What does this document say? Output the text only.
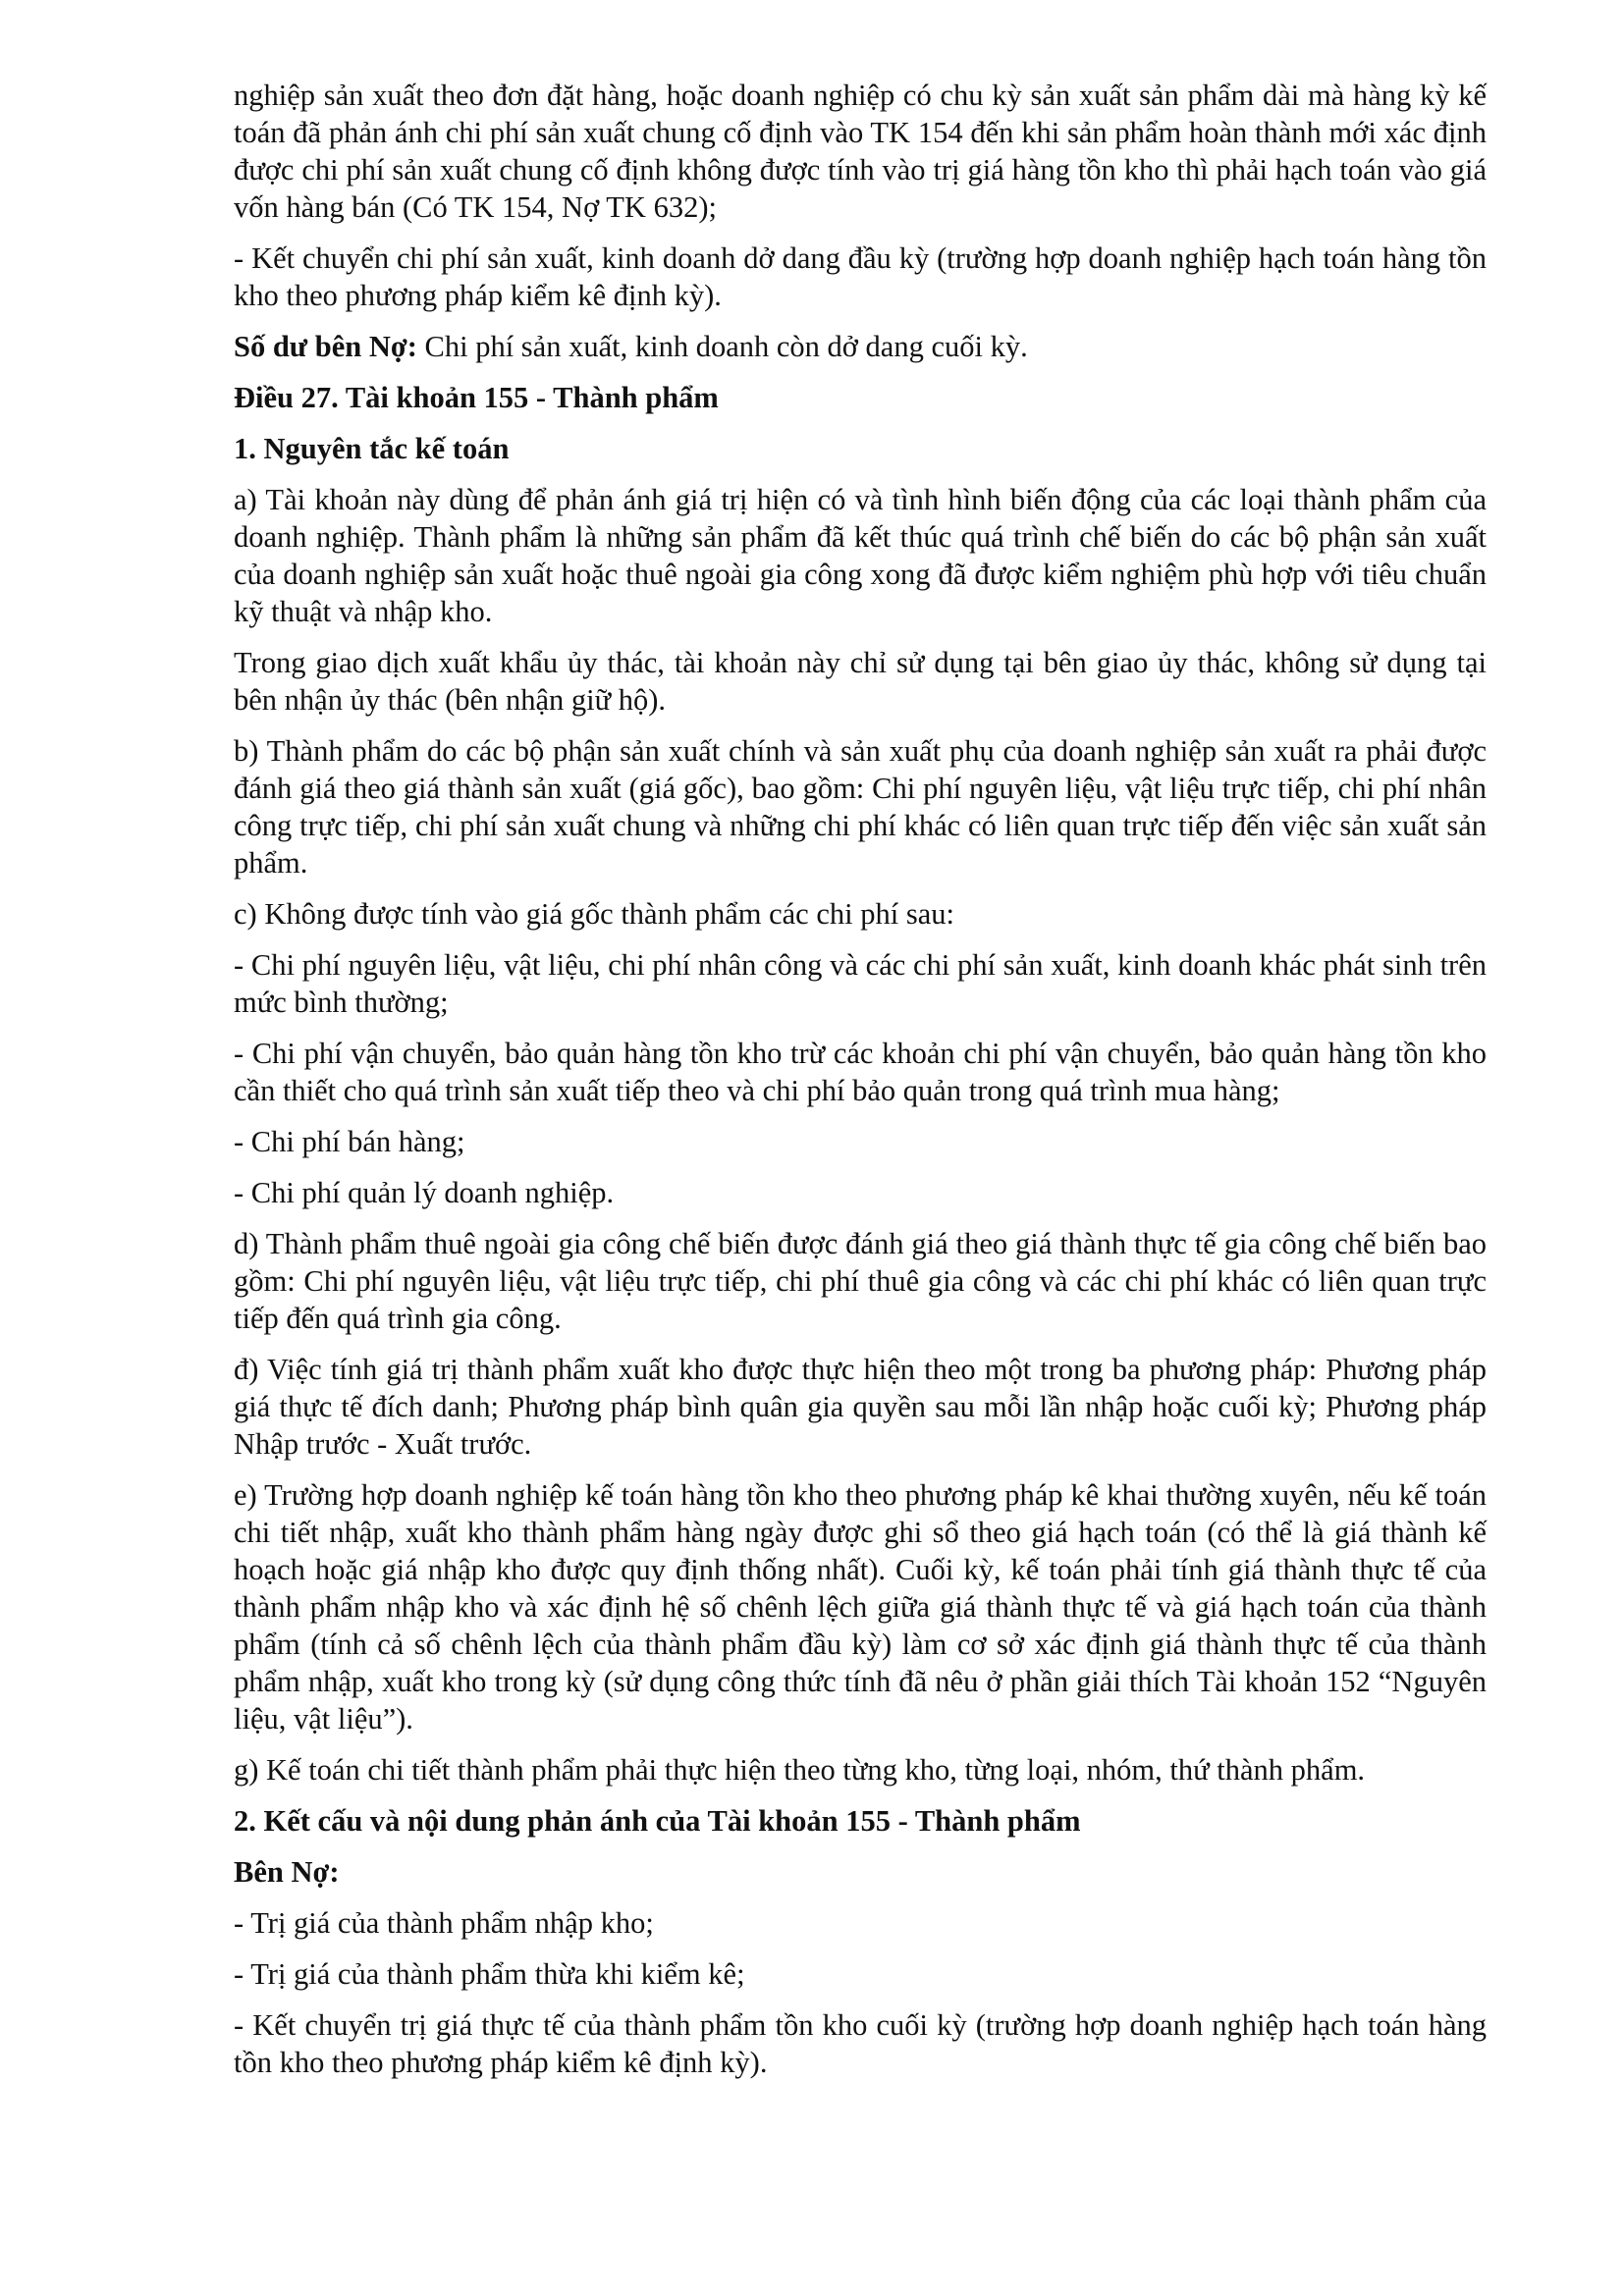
nghiệp sản xuất theo đơn đặt hàng, hoặc doanh nghiệp có chu kỳ sản xuất sản phẩm dài mà hàng kỳ kế toán đã phản ánh chi phí sản xuất chung cố định vào TK 154 đến khi sản phẩm hoàn thành mới xác định được chi phí sản xuất chung cố định không được tính vào trị giá hàng tồn kho thì phải hạch toán vào giá vốn hàng bán (Có TK 154, Nợ TK 632);

- Kết chuyển chi phí sản xuất, kinh doanh dở dang đầu kỳ (trường hợp doanh nghiệp hạch toán hàng tồn kho theo phương pháp kiểm kê định kỳ).

Số dư bên Nợ: Chi phí sản xuất, kinh doanh còn dở dang cuối kỳ.

Điều 27. Tài khoản 155 - Thành phẩm
1. Nguyên tắc kế toán

a) Tài khoản này dùng để phản ánh giá trị hiện có và tình hình biến động của các loại thành phẩm của doanh nghiệp. Thành phẩm là những sản phẩm đã kết thúc quá trình chế biến do các bộ phận sản xuất của doanh nghiệp sản xuất hoặc thuê ngoài gia công xong đã được kiểm nghiệm phù hợp với tiêu chuẩn kỹ thuật và nhập kho.

Trong giao dịch xuất khẩu ủy thác, tài khoản này chỉ sử dụng tại bên giao ủy thác, không sử dụng tại bên nhận ủy thác (bên nhận giữ hộ).

b) Thành phẩm do các bộ phận sản xuất chính và sản xuất phụ của doanh nghiệp sản xuất ra phải được đánh giá theo giá thành sản xuất (giá gốc), bao gồm: Chi phí nguyên liệu, vật liệu trực tiếp, chi phí nhân công trực tiếp, chi phí sản xuất chung và những chi phí khác có liên quan trực tiếp đến việc sản xuất sản phẩm.

c) Không được tính vào giá gốc thành phẩm các chi phí sau:

- Chi phí nguyên liệu, vật liệu, chi phí nhân công và các chi phí sản xuất, kinh doanh khác phát sinh trên mức bình thường;

- Chi phí vận chuyển, bảo quản hàng tồn kho trừ các khoản chi phí vận chuyển, bảo quản hàng tồn kho cần thiết cho quá trình sản xuất tiếp theo và chi phí bảo quản trong quá trình mua hàng;

- Chi phí bán hàng;

- Chi phí quản lý doanh nghiệp.

d) Thành phẩm thuê ngoài gia công chế biến được đánh giá theo giá thành thực tế gia công chế biến bao gồm: Chi phí nguyên liệu, vật liệu trực tiếp, chi phí thuê gia công và các chi phí khác có liên quan trực tiếp đến quá trình gia công.

đ) Việc tính giá trị thành phẩm xuất kho được thực hiện theo một trong ba phương pháp: Phương pháp giá thực tế đích danh; Phương pháp bình quân gia quyền sau mỗi lần nhập hoặc cuối kỳ; Phương pháp Nhập trước - Xuất trước.

e) Trường hợp doanh nghiệp kế toán hàng tồn kho theo phương pháp kê khai thường xuyên, nếu kế toán chi tiết nhập, xuất kho thành phẩm hàng ngày được ghi sổ theo giá hạch toán (có thể là giá thành kế hoạch hoặc giá nhập kho được quy định thống nhất). Cuối kỳ, kế toán phải tính giá thành thực tế của thành phẩm nhập kho và xác định hệ số chênh lệch giữa giá thành thực tế và giá hạch toán của thành phẩm (tính cả số chênh lệch của thành phẩm đầu kỳ) làm cơ sở xác định giá thành thực tế của thành phẩm nhập, xuất kho trong kỳ (sử dụng công thức tính đã nêu ở phần giải thích Tài khoản 152 “Nguyên liệu, vật liệu”).

g) Kế toán chi tiết thành phẩm phải thực hiện theo từng kho, từng loại, nhóm, thứ thành phẩm.

2. Kết cấu và nội dung phản ánh của Tài khoản 155 - Thành phẩm
Bên Nợ:

- Trị giá của thành phẩm nhập kho;

- Trị giá của thành phẩm thừa khi kiểm kê;

- Kết chuyển trị giá thực tế của thành phẩm tồn kho cuối kỳ (trường hợp doanh nghiệp hạch toán hàng tồn kho theo phương pháp kiểm kê định kỳ).
